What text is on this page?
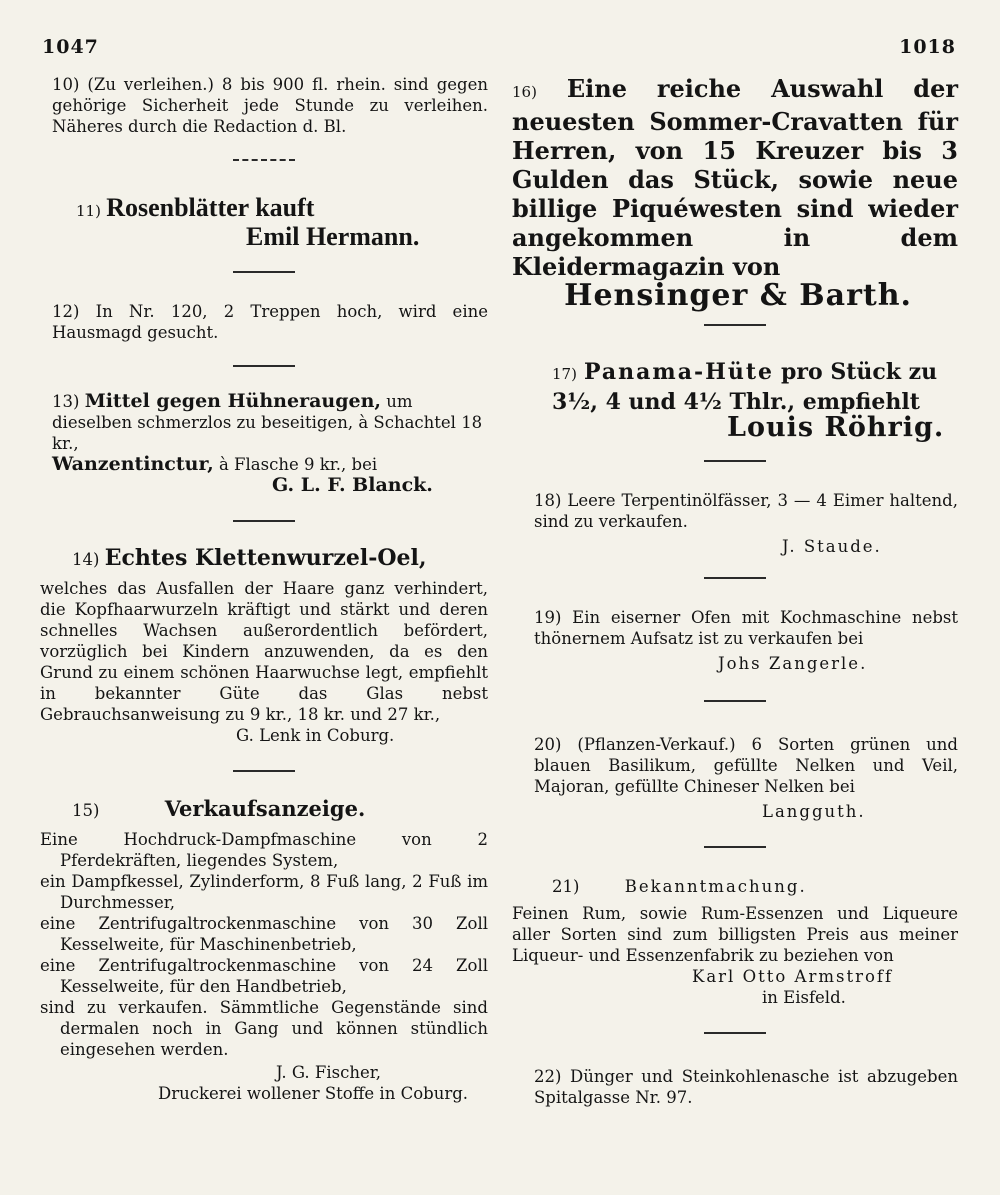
1047	1018
10) (Zu verleihen.) 8 bis 900 fl. rhein. sind gegen gehörige Sicherheit jede Stunde zu verleihen. Näheres durch die Redaction d. Bl.
11) Rosenblätter kauft
Emil Hermann.
12) In Nr. 120, 2 Treppen hoch, wird eine Hausmagd gesucht.
13) Mittel gegen Hühneraugen, um dieselben schmerzlos zu beseitigen, à Schachtel 18 kr.,
Wanzentinctur, à Flasche 9 kr., bei
G. L. F. Blanck.
14) Echtes Klettenwurzel-Oel,
welches das Ausfallen der Haare ganz verhindert, die Kopfhaarwurzeln kräftigt und stärkt und deren schnelles Wachsen außerordentlich befördert, vorzüglich bei Kindern anzuwenden, da es den Grund zu einem schönen Haarwuchse legt, empfiehlt in bekannter Güte das Glas nebst Gebrauchsanweisung zu 9 kr., 18 kr. und 27 kr.,
G. Lenk in Coburg.
15)	Verkaufsanzeige.
Eine Hochdruck-Dampfmaschine von 2 Pferdekräften, liegendes System,
ein Dampfkessel, Zylinderform, 8 Fuß lang, 2 Fuß im Durchmesser,
eine Zentrifugaltrockenmaschine von 30 Zoll Kesselweite, für Maschinenbetrieb,
eine Zentrifugaltrockenmaschine von 24 Zoll Kesselweite, für den Handbetrieb,
sind zu verkaufen. Sämmtliche Gegenstände sind dermalen noch in Gang und können stündlich eingesehen werden.
J. G. Fischer,
Druckerei wollener Stoffe in Coburg.
16) Eine reiche Auswahl der neuesten Sommer-Cravatten für Herren, von 15 Kreuzer bis 3 Gulden das Stück, sowie neue billige Piquéwesten sind wieder angekommen in dem Kleidermagazin von
Hensinger & Barth.
17) Panama-Hüte pro Stück zu 3½, 4 und 4½ Thlr., empfiehlt
Louis Röhrig.
18) Leere Terpentinölfässer, 3 — 4 Eimer haltend, sind zu verkaufen.
J. Staude.
19) Ein eiserner Ofen mit Kochmaschine nebst thönernem Aufsatz ist zu verkaufen bei
Johs Zangerle.
20) (Pflanzen-Verkauf.) 6 Sorten grünen und blauen Basilikum, gefüllte Nelken und Veil, Majoran, gefüllte Chineser Nelken bei
Langguth.
21)	Bekanntmachung.
Feinen Rum, sowie Rum-Essenzen und Liqueure aller Sorten sind zum billigsten Preis aus meiner Liqueur- und Essenzenfabrik zu beziehen von
Karl Otto Armstroff
in Eisfeld.
22) Dünger und Steinkohlenasche ist abzugeben Spitalgasse Nr. 97.
